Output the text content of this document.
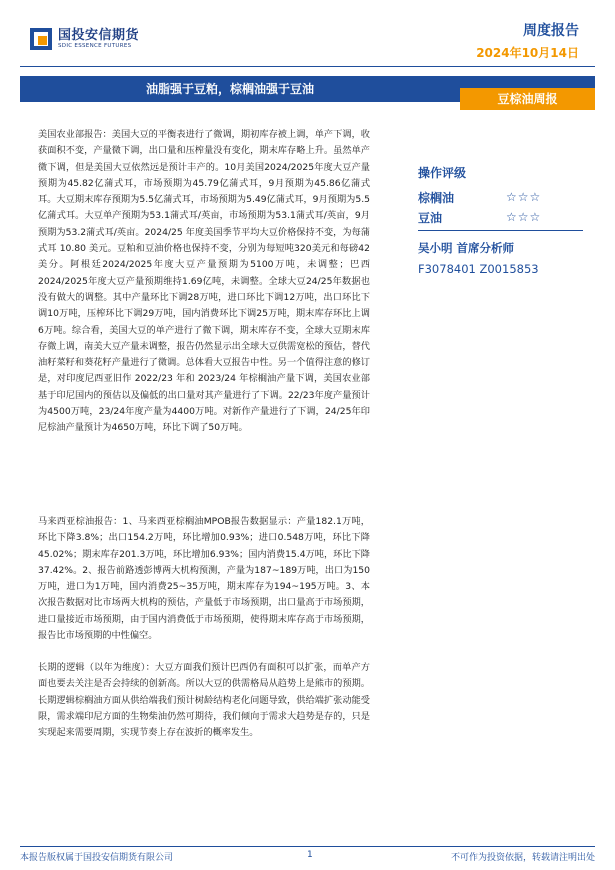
国投安信期货
SDIC ESSENCE FUTURES
周度报告
2024年10月14日
油脂强于豆粕，棕榈油强于豆油
豆棕油周报
美国农业部报告：美国大豆的平衡表进行了微调，期初库存被上调，单产下调，收获面积不变，产量微下调，出口量和压榨量没有变化，期末库存略上升。虽然单产微下调，但是美国大豆依然远是预计丰产的。10月美国2024/2025年度大豆产量预期为45.82亿蒲式耳，市场预期为45.79亿蒲式耳，9月预期为45.86亿蒲式耳。大豆期末库存预期为5.5亿蒲式耳，市场预期为5.49亿蒲式耳，9月预期为5.5亿蒲式耳。大豆单产预期为53.1蒲式耳/英亩，市场预期为53.1蒲式耳/英亩，9月预期为53.2蒲式耳/英亩。2024/25 年度美国季节平均大豆价格保持不变，为每蒲式耳 10.80 美元。豆粕和豆油价格也保持不变，分别为每短吨320美元和每磅42美分。阿根廷2024/2025年度大豆产量预期为5100万吨，未调整；巴西2024/2025年度大豆产量预期维持1.69亿吨，未调整。全球大豆24/25年数据也没有做大的调整。其中产量环比下调28万吨，进口环比下调12万吨，出口环比下调10万吨，压榨环比下调29万吨，国内消费环比下调25万吨，期末库存环比上调6万吨。综合看，美国大豆的单产进行了微下调，期末库存不变，全球大豆期末库存微上调，南美大豆产量未调整，报告仍然显示出全球大豆供需宽松的预估，替代油籽菜籽和葵花籽产量进行了微调。总体看大豆报告中性。另一个值得注意的修订是，对印度尼西亚旧作 2022/23 年和 2023/24 年棕榈油产量下调，美国农业部基于印尼国内的预估以及偏低的出口量对其产量进行了下调。22/23年度产量预计为4500万吨，23/24年度产量为4400万吨。对新作产量进行了下调，24/25年印尼棕油产量预计为4650万吨，环比下调了50万吨。
马来西亚棕油报告：1、马来西亚棕榈油MPOB报告数据显示：产量182.1万吨，环比下降3.8%；出口154.2万吨，环比增加0.93%；进口0.548万吨，环比下降45.02%；期末库存201.3万吨，环比增加6.93%；国内消费15.4万吨，环比下降37.42%。2、报告前路透彭博两大机构预测，产量为187~189万吨，出口为150万吨，进口为1万吨，国内消费25~35万吨，期末库存为194~195万吨。3、本次报告数据对比市场两大机构的预估，产量低于市场预期，出口量高于市场预期，进口量接近市场预期，由于国内消费低于市场预期，使得期末库存高于市场预期，报告比市场预期的中性偏空。
长期的逻辑（以年为维度）：大豆方面我们预计巴西仍有面积可以扩张，而单产方面也要去关注是否会持续的创新高。所以大豆的供需格局从趋势上是熊市的预期。长期逻辑棕榈油方面从供给端我们预计树龄结构老化问题导致，供给端扩张动能受限，需求端印尼方面的生物柴油仍然可期待，我们倾向于需求大趋势是存的，只是实现起来需要周期，实现节奏上存在波折的概率发生。
操作评级
棕榈油	☆☆☆
豆油	☆☆☆
吴小明 首席分析师
F3078401 Z0015853
本报告版权属于国投安信期货有限公司	1	不可作为投资依据，转载请注明出处
